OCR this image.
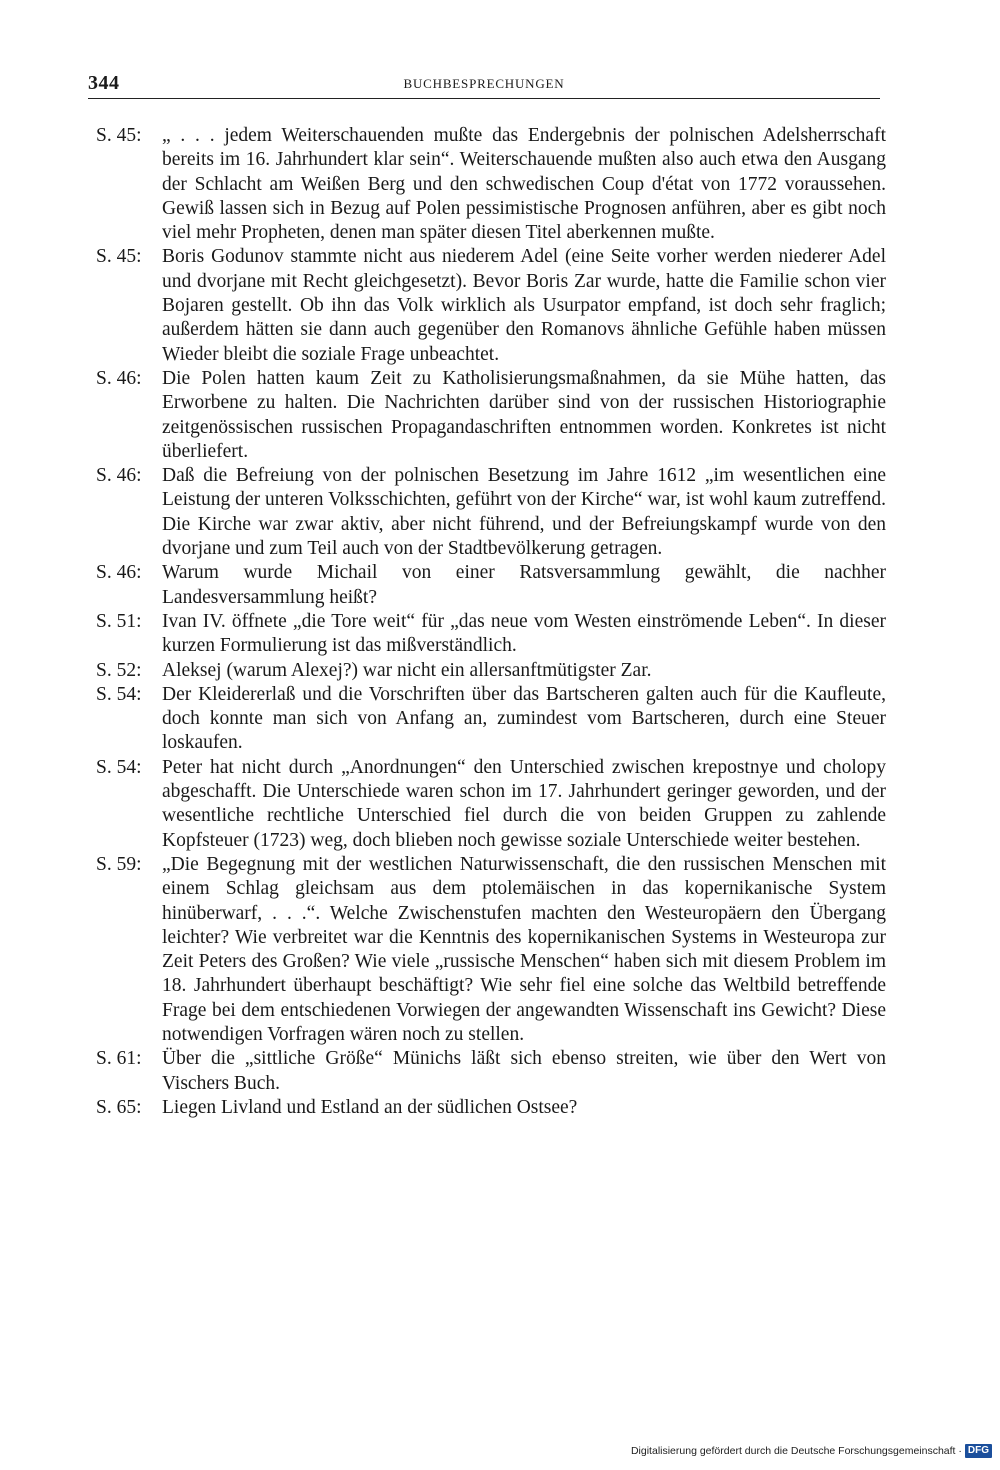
344	BUCHBESPRECHUNGEN
S. 45:	„ . . . jedem Weiterschauenden mußte das Endergebnis der polnischen Adelsherrschaft bereits im 16. Jahrhundert klar sein“. Weiterschauende mußten also auch etwa den Ausgang der Schlacht am Weißen Berg und den schwedischen Coup d'état von 1772 voraussehen. Gewiß lassen sich in Bezug auf Polen pessimistische Prognosen anführen, aber es gibt noch viel mehr Propheten, denen man später diesen Titel aberkennen mußte.
S. 45:	Boris Godunov stammte nicht aus niederem Adel (eine Seite vorher werden niederer Adel und dvorjane mit Recht gleichgesetzt). Bevor Boris Zar wurde, hatte die Familie schon vier Bojaren gestellt. Ob ihn das Volk wirklich als Usurpator empfand, ist doch sehr fraglich; außerdem hätten sie dann auch gegenüber den Romanovs ähnliche Gefühle haben müssen Wieder bleibt die soziale Frage unbeachtet.
S. 46:	Die Polen hatten kaum Zeit zu Katholisierungsmaßnahmen, da sie Mühe hatten, das Erworbene zu halten. Die Nachrichten darüber sind von der russischen Historiographie zeitgenössischen russischen Propagandaschriften entnommen worden. Konkretes ist nicht überliefert.
S. 46:	Daß die Befreiung von der polnischen Besetzung im Jahre 1612 „im wesentlichen eine Leistung der unteren Volksschichten, geführt von der Kirche“ war, ist wohl kaum zutreffend. Die Kirche war zwar aktiv, aber nicht führend, und der Befreiungskampf wurde von den dvorjane und zum Teil auch von der Stadtbevölkerung getragen.
S. 46:	Warum wurde Michail von einer Ratsversammlung gewählt, die nachher Landesversammlung heißt?
S. 51:	Ivan IV. öffnete „die Tore weit“ für „das neue vom Westen einströmende Leben“. In dieser kurzen Formulierung ist das mißverständlich.
S. 52:	Aleksej (warum Alexej?) war nicht ein allersanftmütigster Zar.
S. 54:	Der Kleidererlaß und die Vorschriften über das Bartscheren galten auch für die Kaufleute, doch konnte man sich von Anfang an, zumindest vom Bartscheren, durch eine Steuer loskaufen.
S. 54:	Peter hat nicht durch „Anordnungen“ den Unterschied zwischen krepostnye und cholopy abgeschafft. Die Unterschiede waren schon im 17. Jahrhundert geringer geworden, und der wesentliche rechtliche Unterschied fiel durch die von beiden Gruppen zu zahlende Kopfsteuer (1723) weg, doch blieben noch gewisse soziale Unterschiede weiter bestehen.
S. 59:	„Die Begegnung mit der westlichen Naturwissenschaft, die den russischen Menschen mit einem Schlag gleichsam aus dem ptolemäischen in das kopernikanische System hinüberwarf, . . .“. Welche Zwischenstufen machten den Westeuropäern den Übergang leichter? Wie verbreitet war die Kenntnis des kopernikanischen Systems in Westeuropa zur Zeit Peters des Großen? Wie viele „russische Menschen“ haben sich mit diesem Problem im 18. Jahrhundert überhaupt beschäftigt? Wie sehr fiel eine solche das Weltbild betreffende Frage bei dem entschiedenen Vorwiegen der angewandten Wissenschaft ins Gewicht? Diese notwendigen Vorfragen wären noch zu stellen.
S. 61:	Über die „sittliche Größe“ Münichs läßt sich ebenso streiten, wie über den Wert von Vischers Buch.
S. 65:	Liegen Livland und Estland an der südlichen Ostsee?
Digitalisierung gefördert durch die Deutsche Forschungsgemeinschaft · DFG
